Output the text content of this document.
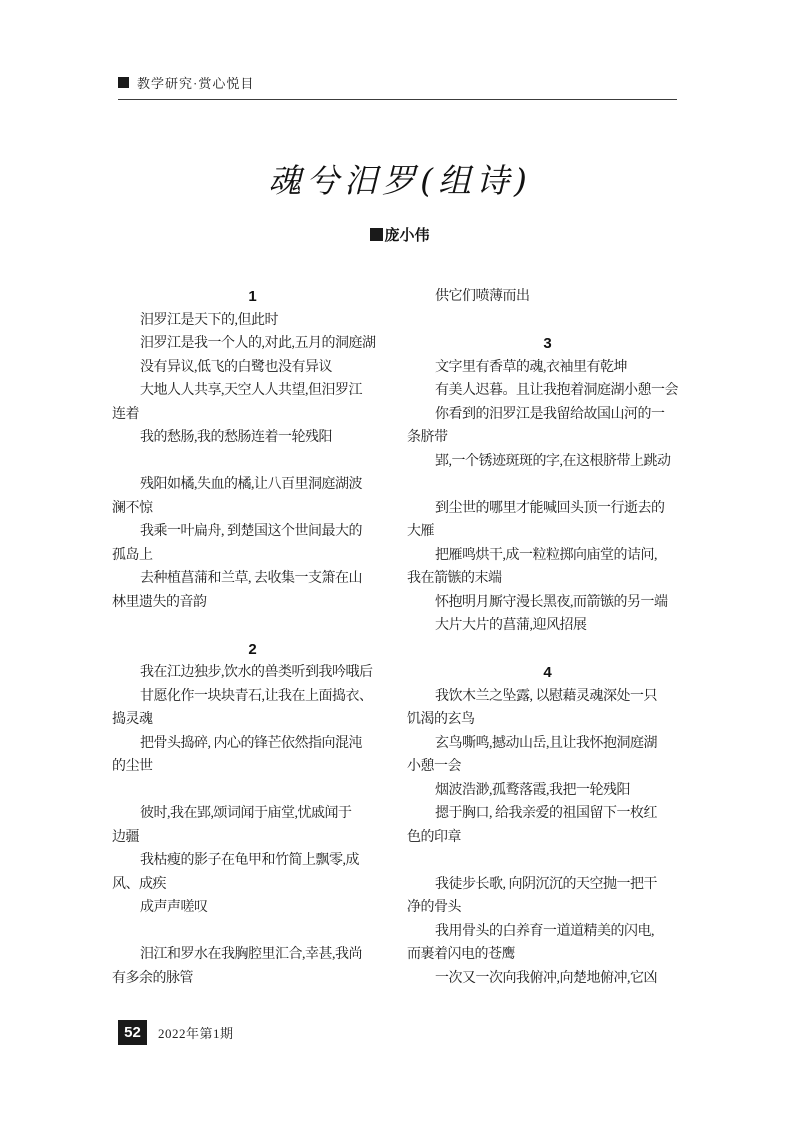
教学研究·赏心悦目
魂兮汨罗(组诗)
庞小伟
1
汨罗江是天下的,但此时
汨罗江是我一个人的,对此,五月的洞庭湖
没有异议,低飞的白鹭也没有异议
大地人人共享,天空人人共望,但汨罗江
连着
我的愁肠,我的愁肠连着一轮残阳
残阳如橘,失血的橘,让八百里洞庭湖波
澜不惊
我乘一叶扁舟, 到楚国这个世间最大的
孤岛上
去种植菖蒲和兰草, 去收集一支箫在山
林里遗失的音韵
2
我在江边独步,饮水的兽类听到我吟哦后
甘愿化作一块块青石,让我在上面捣衣、
捣灵魂
把骨头捣碎, 内心的锋芒依然指向混沌
的尘世
彼时,我在郢,颂词闻于庙堂,忧戚闻于
边疆
我枯瘦的影子在龟甲和竹简上飘零,成
风、成疾
成声声嗟叹
汨江和罗水在我胸腔里汇合,幸甚,我尚
有多余的脉管
供它们喷薄而出
3
文字里有香草的魂,衣袖里有乾坤
有美人迟暮。且让我抱着洞庭湖小憩一会
你看到的汨罗江是我留给故国山河的一
条脐带
郢,一个锈迹斑斑的字,在这根脐带上跳动
到尘世的哪里才能喊回头顶一行逝去的
大雁
把雁鸣烘干,成一粒粒掷向庙堂的诘问,
我在箭镞的末端
怀抱明月厮守漫长黑夜,而箭镞的另一端
大片大片的菖蒲,迎风招展
4
我饮木兰之坠露, 以慰藉灵魂深处一只
饥渴的玄鸟
玄鸟嘶鸣,撼动山岳,且让我怀抱洞庭湖
小憩一会
烟波浩渺,孤鹜落霞,我把一轮残阳
摁于胸口, 给我亲爱的祖国留下一枚红
色的印章
我徒步长歌, 向阴沉沉的天空抛一把干
净的骨头
我用骨头的白养育一道道精美的闪电,
而裹着闪电的苍鹰
一次又一次向我俯冲,向楚地俯冲,它凶
52 2022年第1期
